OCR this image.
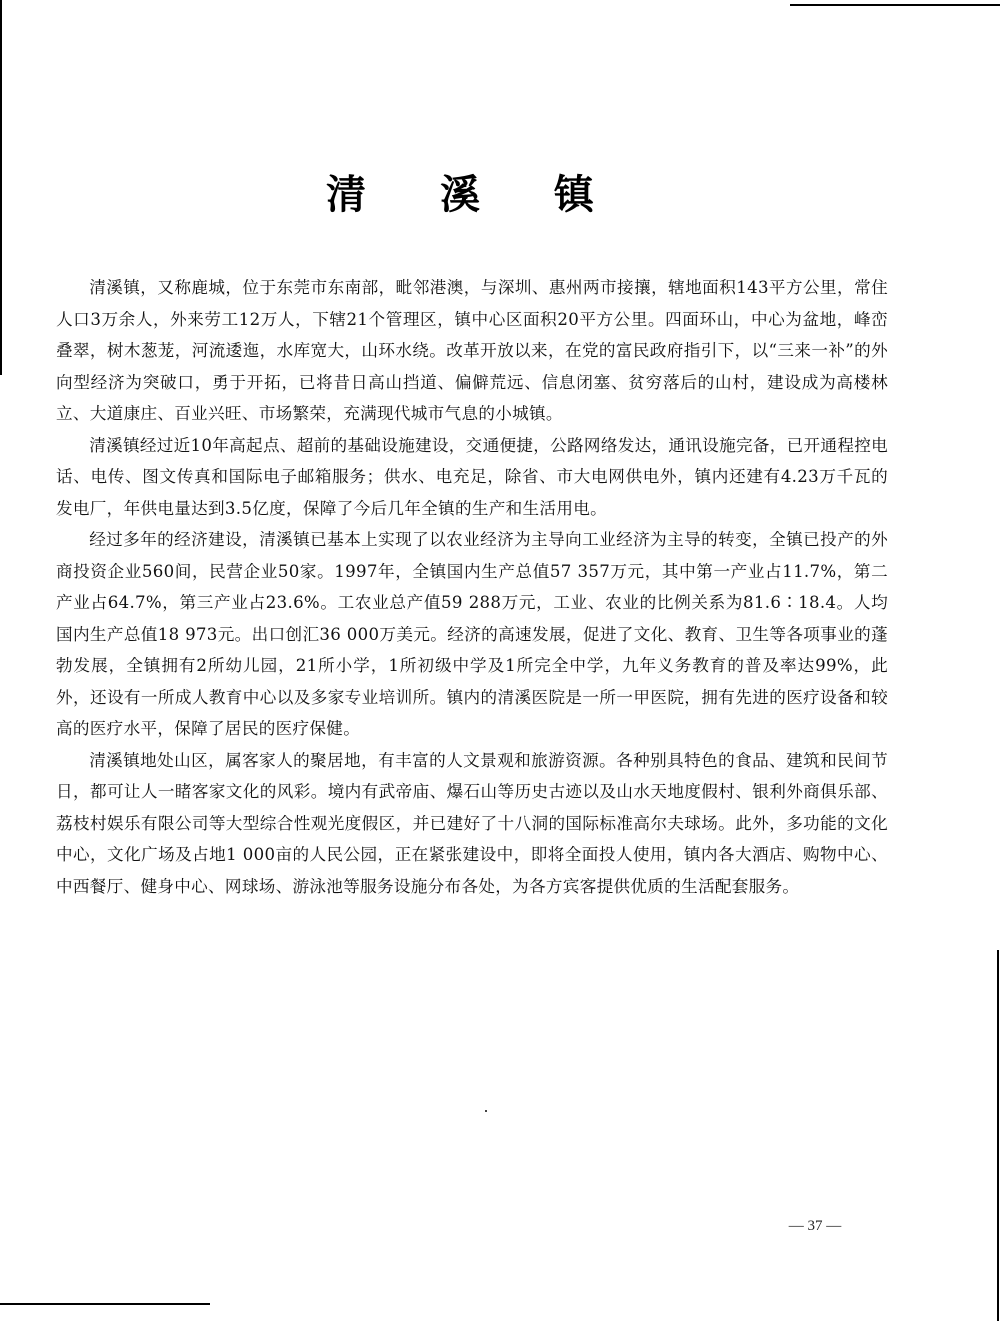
清 溪 镇

清溪镇，又称鹿城，位于东莞市东南部，毗邻港澳，与深圳、惠州两市接攘，辖地面积143平方公里，常住人口3万余人，外来劳工12万人，下辖21个管理区，镇中心区面积20平方公里。四面环山，中心为盆地，峰峦叠翠，树木葱茏，河流逶迤，水库宽大，山环水绕。改革开放以来，在党的富民政府指引下，以“三来一补”的外向型经济为突破口，勇于开拓，已将昔日高山挡道、偏僻荒远、信息闭塞、贫穷落后的山村，建设成为高楼林立、大道康庄、百业兴旺、市场繁荣，充满现代城市气息的小城镇。

清溪镇经过近10年高起点、超前的基础设施建设，交通便捷，公路网络发达，通讯设施完备，已开通程控电话、电传、图文传真和国际电子邮箱服务；供水、电充足，除省、市大电网供电外，镇内还建有4.23万千瓦的发电厂，年供电量达到3.5亿度，保障了今后几年全镇的生产和生活用电。

经过多年的经济建设，清溪镇已基本上实现了以农业经济为主导向工业经济为主导的转变，全镇已投产的外商投资企业560间，民营企业50家。1997年，全镇国内生产总值57 357万元，其中第一产业占11.7%，第二产业占64.7%，第三产业占23.6%。工农业总产值59 288万元，工业、农业的比例关系为81.6∶18.4。人均国内生产总值18 973元。出口创汇36 000万美元。经济的高速发展，促进了文化、教育、卫生等各项事业的蓬勃发展，全镇拥有2所幼儿园，21所小学，1所初级中学及1所完全中学，九年义务教育的普及率达99%，此外，还设有一所成人教育中心以及多家专业培训所。镇内的清溪医院是一所一甲医院，拥有先进的医疗设备和较高的医疗水平，保障了居民的医疗保健。

清溪镇地处山区，属客家人的聚居地，有丰富的人文景观和旅游资源。各种别具特色的食品、建筑和民间节日，都可让人一睹客家文化的风彩。境内有武帝庙、爆石山等历史古迹以及山水天地度假村、银利外商俱乐部、荔枝村娱乐有限公司等大型综合性观光度假区，并已建好了十八洞的国际标准高尔夫球场。此外，多功能的文化中心，文化广场及占地1 000亩的人民公园，正在紧张建设中，即将全面投人使用，镇内各大酒店、购物中心、中西餐厅、健身中心、网球场、游泳池等服务设施分布各处，为各方宾客提供优质的生活配套服务。

— 37 —
